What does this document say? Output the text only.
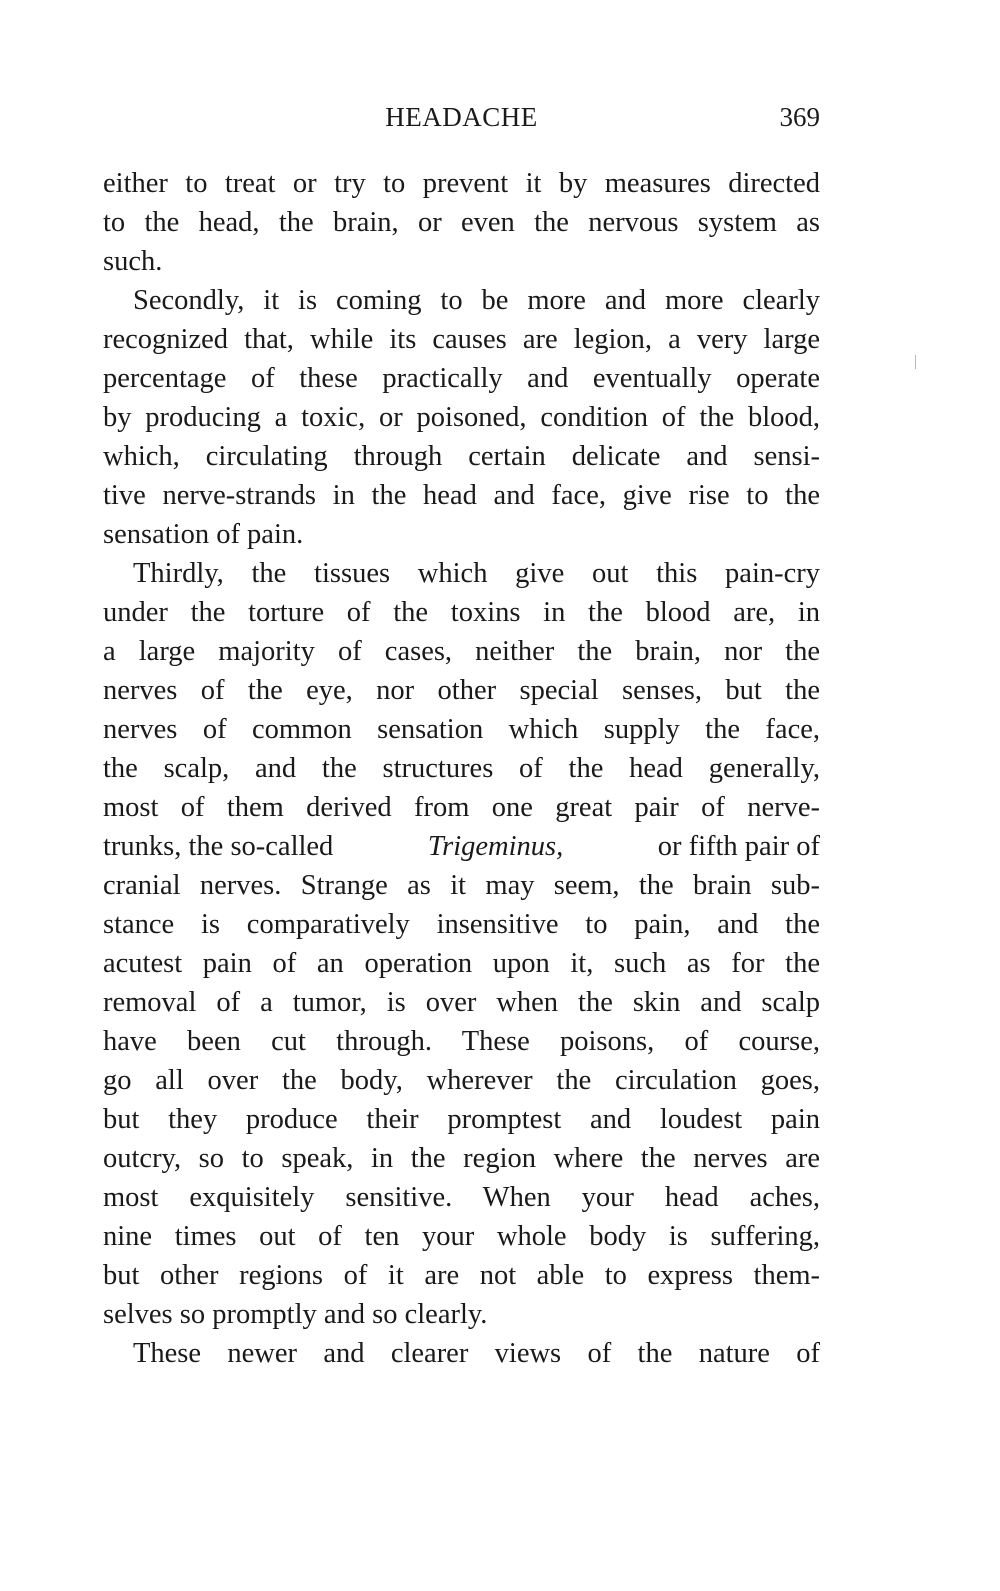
HEADACHE	369
either to treat or try to prevent it by measures directed
to the head, the brain, or even the nervous system as
such.
Secondly, it is coming to be more and more clearly
recognized that, while its causes are legion, a very large
percentage of these practically and eventually operate
by producing a toxic, or poisoned, condition of the blood,
which, circulating through certain delicate and sensi-
tive nerve-strands in the head and face, give rise to the
sensation of pain.
Thirdly, the tissues which give out this pain-cry
under the torture of the toxins in the blood are, in
a large majority of cases, neither the brain, nor the
nerves of the eye, nor other special senses, but the
nerves of common sensation which supply the face,
the scalp, and the structures of the head generally,
most of them derived from one great pair of nerve-
trunks, the so-called	Trigeminus,	or fifth pair of
cranial nerves. Strange as it may seem, the brain sub-
stance is comparatively insensitive to pain, and the
acutest pain of an operation upon it, such as for the
removal of a tumor, is over when the skin and scalp
have been cut through. These poisons, of course,
go all over the body, wherever the circulation goes,
but they produce their promptest and loudest pain
outcry, so to speak, in the region where the nerves are
most exquisitely sensitive. When your head aches,
nine times out of ten your whole body is suffering,
but other regions of it are not able to express them-
selves so promptly and so clearly.
These newer and clearer views of the nature of
